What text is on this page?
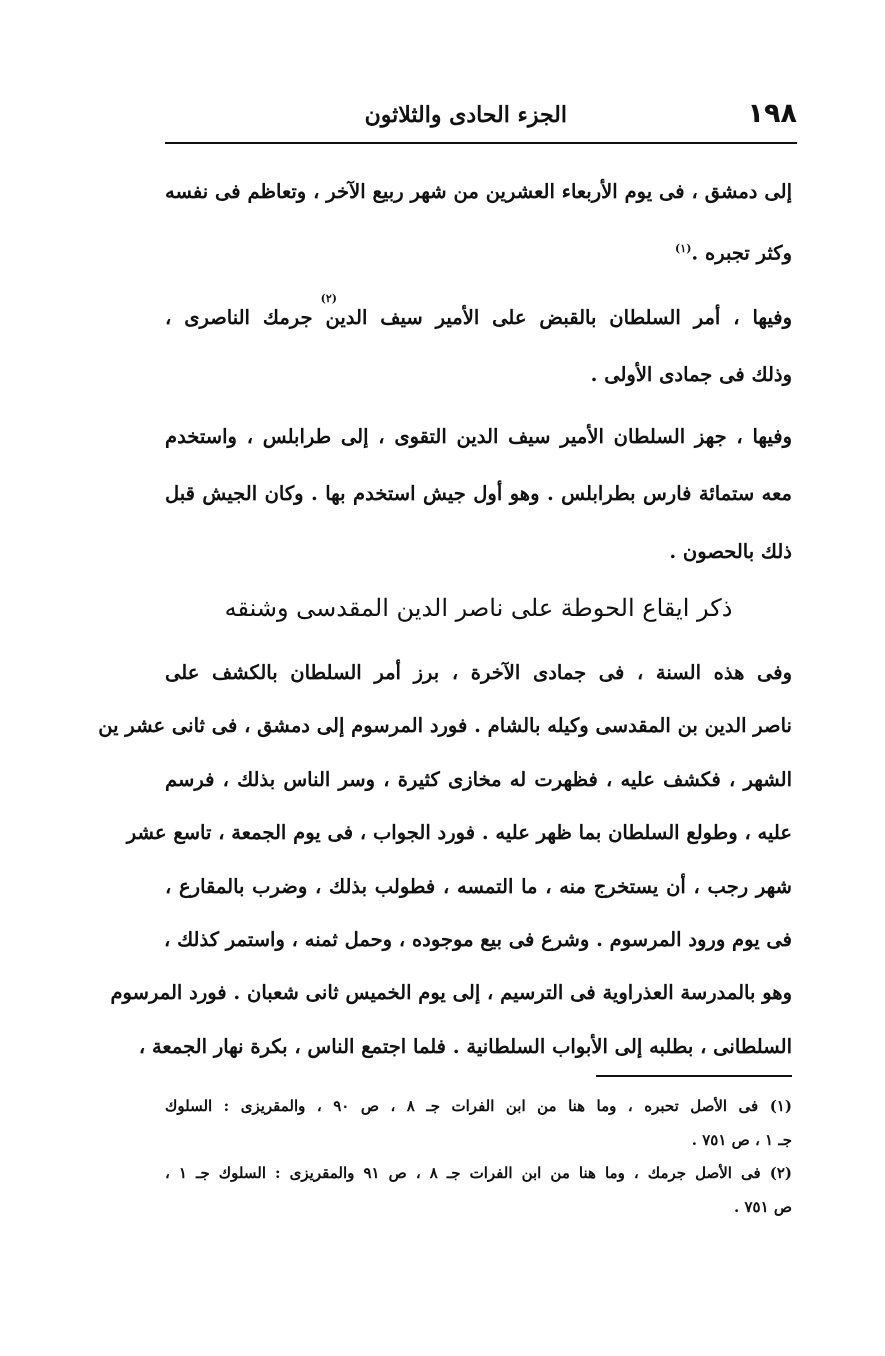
١٩٨
الجزء الحادى والثلاثون
إلى دمشق ، فى يوم الأربعاء العشرين من شهر ربيع الآخر ، وتعاظم فى نفسه
وكثر تجبره .$^{(١)}$
وفيها ، أمر السلطان بالقبض على الأمير سيف الدين جرمك الناصرى ،
وذلك فى جمادى الأولى .
(٢)
وفيها ، جهز السلطان الأمير سيف الدين التقوى ، إلى طرابلس ، واستخدم
معه ستمائة فارس بطرابلس . وهو أول جيش استخدم بها . وكان الجيش قبل
ذلك بالحصون .
ذكر ايقاع الحوطة على ناصر الدين المقدسى وشنقه
وفى هذه السنة ، فى جمادى الآخرة ، برز أمر السلطان بالكشف على
ناصر الدين بن المقدسى وكيله بالشام . فورد المرسوم إلى دمشق ، فى ثانى عشر ين
الشهر ، فكشف عليه ، فظهرت له مخازى كثيرة ، وسر الناس بذلك ، فرسم
عليه ، وطولع السلطان بما ظهر عليه . فورد الجواب ، فى يوم الجمعة ، تاسع عشر
شهر رجب ، أن يستخرج منه ، ما التمسه ، فطولب بذلك ، وضرب بالمقارع ،
فى يوم ورود المرسوم . وشرع فى بيع موجوده ، وحمل ثمنه ، واستمر كذلك ،
وهو بالمدرسة العذراوية فى الترسيم ، إلى يوم الخميس ثانى شعبان . فورد المرسوم
السلطانى ، بطلبه إلى الأبواب السلطانية . فلما اجتمع الناس ، بكرة نهار الجمعة ،
(١) فى الأصل تحبره ، وما هنا من ابن الفرات جـ ٨ ، ص ٩٠ ، والمقريزى : السلوك
جـ ١ ، ص ٧٥١ .
(٢) فى الأصل جرمك ، وما هنا من ابن الفرات جـ ٨ ، ص ٩١ والمقريزى : السلوك جـ ١ ،
ص ٧٥١ .
